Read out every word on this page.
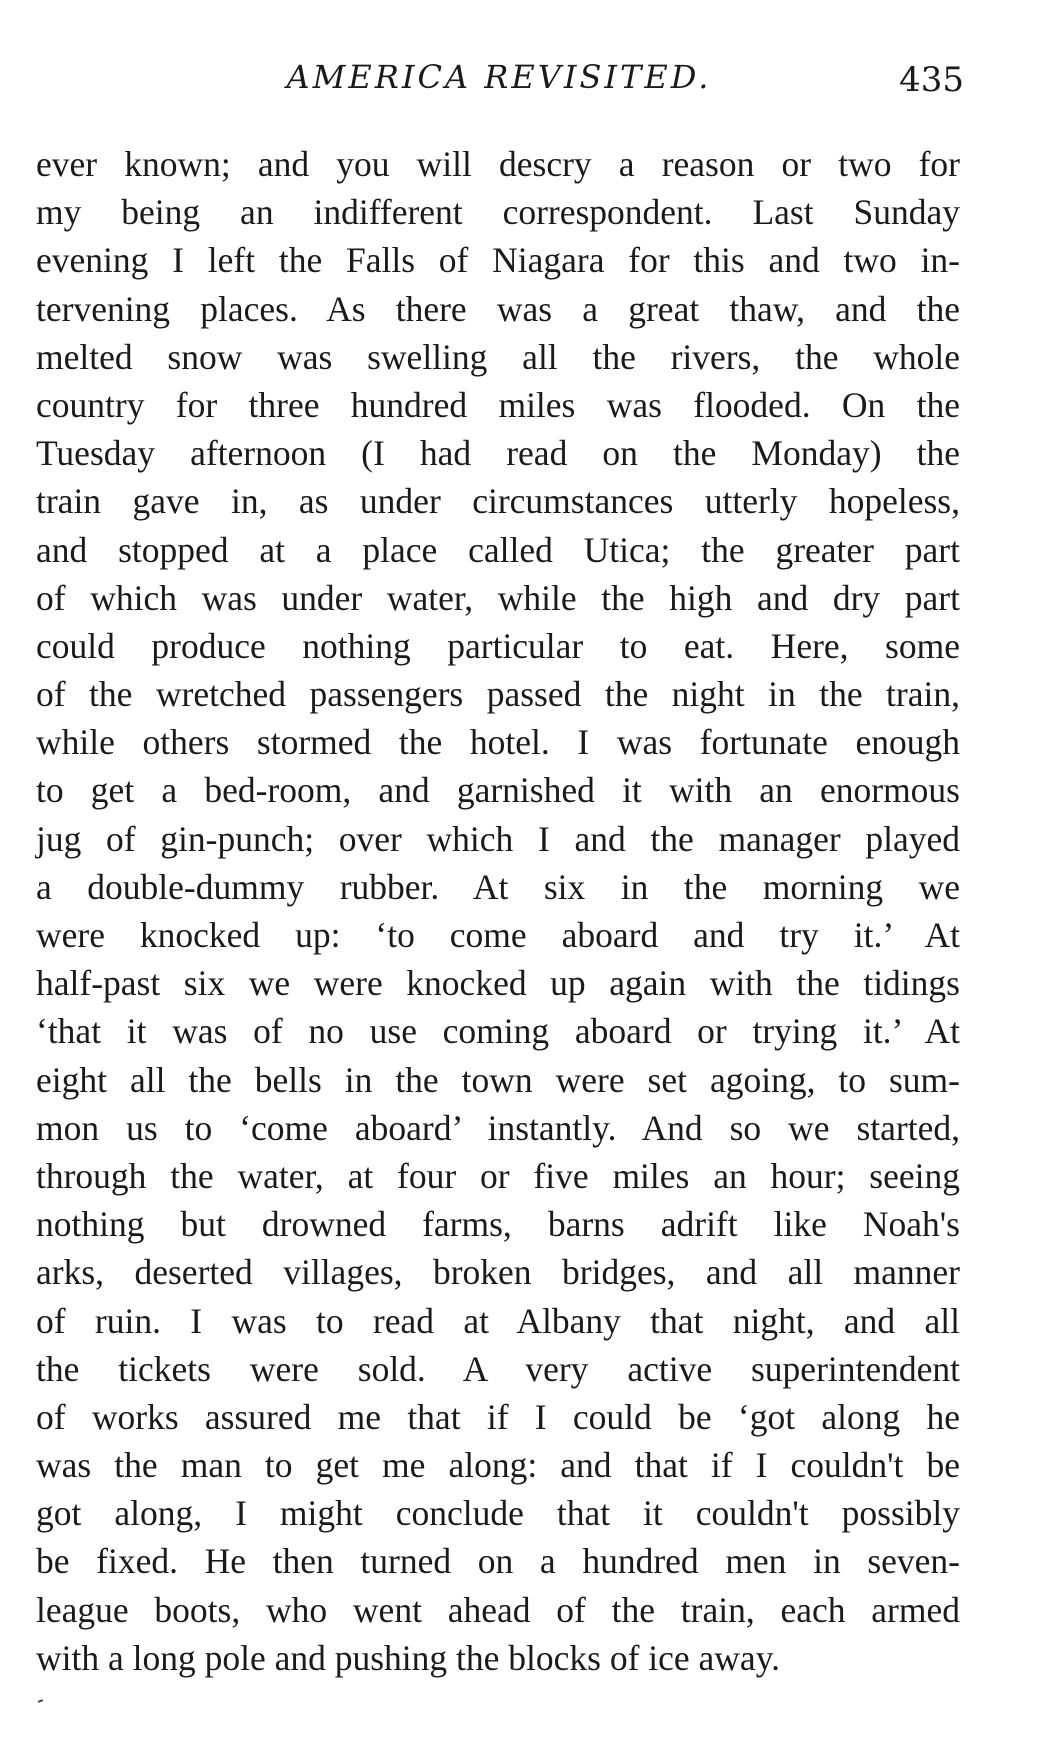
AMERICA REVISITED.	435
ever known; and you will descry a reason or two for
my being an indifferent correspondent. Last Sunday
evening I left the Falls of Niagara for this and two in-
tervening places. As there was a great thaw, and the
melted snow was swelling all the rivers, the whole
country for three hundred miles was flooded. On the
Tuesday afternoon (I had read on the Monday) the
train gave in, as under circumstances utterly hopeless,
and stopped at a place called Utica; the greater part
of which was under water, while the high and dry part
could produce nothing particular to eat. Here, some
of the wretched passengers passed the night in the train,
while others stormed the hotel. I was fortunate enough
to get a bed-room, and garnished it with an enormous
jug of gin-punch; over which I and the manager played
a double-dummy rubber. At six in the morning we
were knocked up: ‘to come aboard and try it.’ At
half-past six we were knocked up again with the tidings
‘that it was of no use coming aboard or trying it.’ At
eight all the bells in the town were set agoing, to sum-
mon us to ‘come aboard’ instantly. And so we started,
through the water, at four or five miles an hour; seeing
nothing but drowned farms, barns adrift like Noah's
arks, deserted villages, broken bridges, and all manner
of ruin. I was to read at Albany that night, and all
the tickets were sold. A very active superintendent
of works assured me that if I could be ‘got along he
was the man to get me along: and that if I couldn't be
got along, I might conclude that it couldn't possibly
be fixed. He then turned on a hundred men in seven-
league boots, who went ahead of the train, each armed
with a long pole and pushing the blocks of ice away.
